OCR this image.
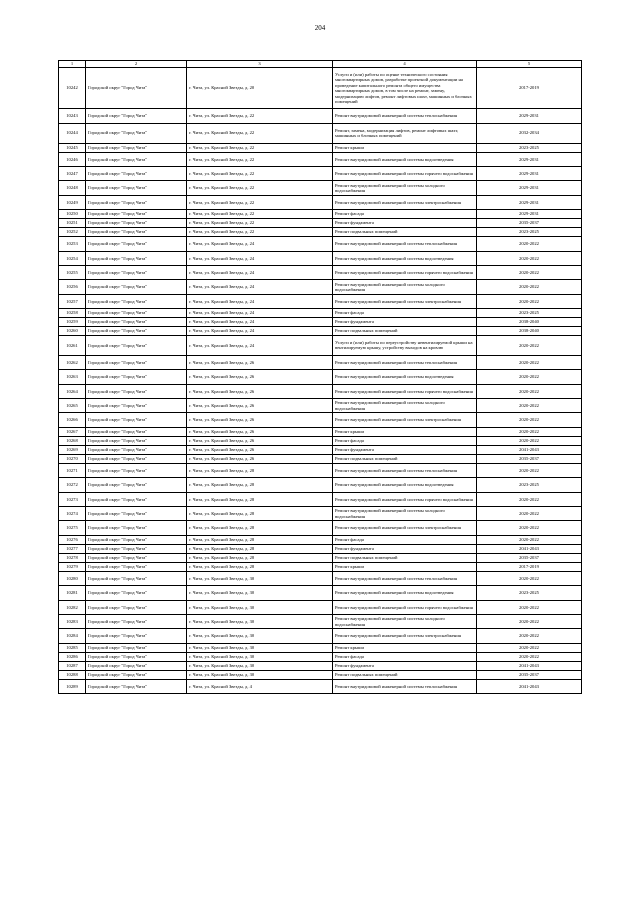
204
1	2	3	4	5
10242	Городской округ "Город Чита"	г. Чита, ул. Красной Звезды, д. 20	Услуги и (или) работы по оценке технического состояния многоквартирных домов, разработке проектной документации на проведение капитального ремонта общего имущества многоквартирных домов, в том числе на ремонт, замену, модернизацию лифтов, ремонт лифтовых шахт, машинных и блочных помещений	2017-2019
10243	Городской округ "Город Чита"	г. Чита, ул. Красной Звезды, д. 22	Ремонт внутридомовой инженерной системы теплоснабжения	2029-2031
10244	Городской округ "Город Чита"	г. Чита, ул. Красной Звезды, д. 22	Ремонт, замена, модернизация лифтов, ремонт лифтовых шахт, машинных и блочных помещений	2032-2034
10245	Городской округ "Город Чита"	г. Чита, ул. Красной Звезды, д. 22	Ремонт крыши	2023-2025
10246	Городской округ "Город Чита"	г. Чита, ул. Красной Звезды, д. 22	Ремонт внутридомовой инженерной системы водоотведения	2029-2031
10247	Городской округ "Город Чита"	г. Чита, ул. Красной Звезды, д. 22	Ремонт внутридомовой инженерной системы горячего водоснабжения	2029-2031
10248	Городской округ "Город Чита"	г. Чита, ул. Красной Звезды, д. 22	Ремонт внутридомовой инженерной системы холодного водоснабжения	2029-2031
10249	Городской округ "Город Чита"	г. Чита, ул. Красной Звезды, д. 22	Ремонт внутридомовой инженерной системы электроснабжения	2029-2031
10250	Городской округ "Город Чита"	г. Чита, ул. Красной Звезды, д. 22	Ремонт фасада	2029-2031
10251	Городской округ "Город Чита"	г. Чита, ул. Красной Звезды, д. 22	Ремонт фундамента	2035-2037
10252	Городской округ "Город Чита"	г. Чита, ул. Красной Звезды, д. 22	Ремонт подвальных помещений	2023-2025
10253	Городской округ "Город Чита"	г. Чита, ул. Красной Звезды, д. 24	Ремонт внутридомовой инженерной системы теплоснабжения	2020-2022
10254	Городской округ "Город Чита"	г. Чита, ул. Красной Звезды, д. 24	Ремонт внутридомовой инженерной системы водоотведения	2020-2022
10255	Городской округ "Город Чита"	г. Чита, ул. Красной Звезды, д. 24	Ремонт внутридомовой инженерной системы горячего водоснабжения	2020-2022
10256	Городской округ "Город Чита"	г. Чита, ул. Красной Звезды, д. 24	Ремонт внутридомовой инженерной системы холодного водоснабжения	2020-2022
10257	Городской округ "Город Чита"	г. Чита, ул. Красной Звезды, д. 24	Ремонт внутридомовой инженерной системы электроснабжения	2020-2022
10258	Городской округ "Город Чита"	г. Чита, ул. Красной Звезды, д. 24	Ремонт фасада	2023-2025
10259	Городской округ "Город Чита"	г. Чита, ул. Красной Звезды, д. 24	Ремонт фундамента	2038-2040
10260	Городской округ "Город Чита"	г. Чита, ул. Красной Звезды, д. 24	Ремонт подвальных помещений	2038-2040
10261	Городской округ "Город Чита"	г. Чита, ул. Красной Звезды, д. 24	Услуги и (или) работы по переустройству невентилируемой крыши на вентилируемую крышу, устройству выходов на кровлю	2020-2022
10262	Городской округ "Город Чита"	г. Чита, ул. Красной Звезды, д. 26	Ремонт внутридомовой инженерной системы теплоснабжения	2020-2022
10263	Городской округ "Город Чита"	г. Чита, ул. Красной Звезды, д. 26	Ремонт внутридомовой инженерной системы водоотведения	2020-2022
10264	Городской округ "Город Чита"	г. Чита, ул. Красной Звезды, д. 26	Ремонт внутридомовой инженерной системы горячего водоснабжения	2020-2022
10265	Городской округ "Город Чита"	г. Чита, ул. Красной Звезды, д. 26	Ремонт внутридомовой инженерной системы холодного водоснабжения	2020-2022
10266	Городской округ "Город Чита"	г. Чита, ул. Красной Звезды, д. 26	Ремонт внутридомовой инженерной системы электроснабжения	2020-2022
10267	Городской округ "Город Чита"	г. Чита, ул. Красной Звезды, д. 26	Ремонт крыши	2020-2022
10268	Городской округ "Город Чита"	г. Чита, ул. Красной Звезды, д. 26	Ремонт фасада	2020-2022
10269	Городской округ "Город Чита"	г. Чита, ул. Красной Звезды, д. 26	Ремонт фундамента	2041-2043
10270	Городской округ "Город Чита"	г. Чита, ул. Красной Звезды, д. 26	Ремонт подвальных помещений	2035-2037
10271	Городской округ "Город Чита"	г. Чита, ул. Красной Звезды, д. 28	Ремонт внутридомовой инженерной системы теплоснабжения	2020-2022
10272	Городской округ "Город Чита"	г. Чита, ул. Красной Звезды, д. 28	Ремонт внутридомовой инженерной системы водоотведения	2023-2025
10273	Городской округ "Город Чита"	г. Чита, ул. Красной Звезды, д. 28	Ремонт внутридомовой инженерной системы горячего водоснабжения	2020-2022
10274	Городской округ "Город Чита"	г. Чита, ул. Красной Звезды, д. 28	Ремонт внутридомовой инженерной системы холодного водоснабжения	2020-2022
10275	Городской округ "Город Чита"	г. Чита, ул. Красной Звезды, д. 28	Ремонт внутридомовой инженерной системы электроснабжения	2020-2022
10276	Городской округ "Город Чита"	г. Чита, ул. Красной Звезды, д. 28	Ремонт фасада	2020-2022
10277	Городской округ "Город Чита"	г. Чита, ул. Красной Звезды, д. 28	Ремонт фундамента	2041-2043
10278	Городской округ "Город Чита"	г. Чита, ул. Красной Звезды, д. 28	Ремонт подвальных помещений	2035-2037
10279	Городской округ "Город Чита"	г. Чита, ул. Красной Звезды, д. 28	Ремонт крыши	2017-2019
10280	Городской округ "Город Чита"	г. Чита, ул. Красной Звезды, д. 30	Ремонт внутридомовой инженерной системы теплоснабжения	2020-2022
10281	Городской округ "Город Чита"	г. Чита, ул. Красной Звезды, д. 30	Ремонт внутридомовой инженерной системы водоотведения	2023-2025
10282	Городской округ "Город Чита"	г. Чита, ул. Красной Звезды, д. 30	Ремонт внутридомовой инженерной системы горячего водоснабжения	2020-2022
10283	Городской округ "Город Чита"	г. Чита, ул. Красной Звезды, д. 30	Ремонт внутридомовой инженерной системы холодного водоснабжения	2020-2022
10284	Городской округ "Город Чита"	г. Чита, ул. Красной Звезды, д. 30	Ремонт внутридомовой инженерной системы электроснабжения	2020-2022
10285	Городской округ "Город Чита"	г. Чита, ул. Красной Звезды, д. 30	Ремонт крыши	2020-2022
10286	Городской округ "Город Чита"	г. Чита, ул. Красной Звезды, д. 30	Ремонт фасада	2020-2022
10287	Городской округ "Город Чита"	г. Чита, ул. Красной Звезды, д. 30	Ремонт фундамента	2041-2043
10288	Городской округ "Город Чита"	г. Чита, ул. Красной Звезды, д. 30	Ремонт подвальных помещений	2035-2037
10289	Городской округ "Город Чита"	г. Чита, ул. Красной Звезды, д. 4	Ремонт внутридомовой инженерной системы теплоснабжения	2041-2043
